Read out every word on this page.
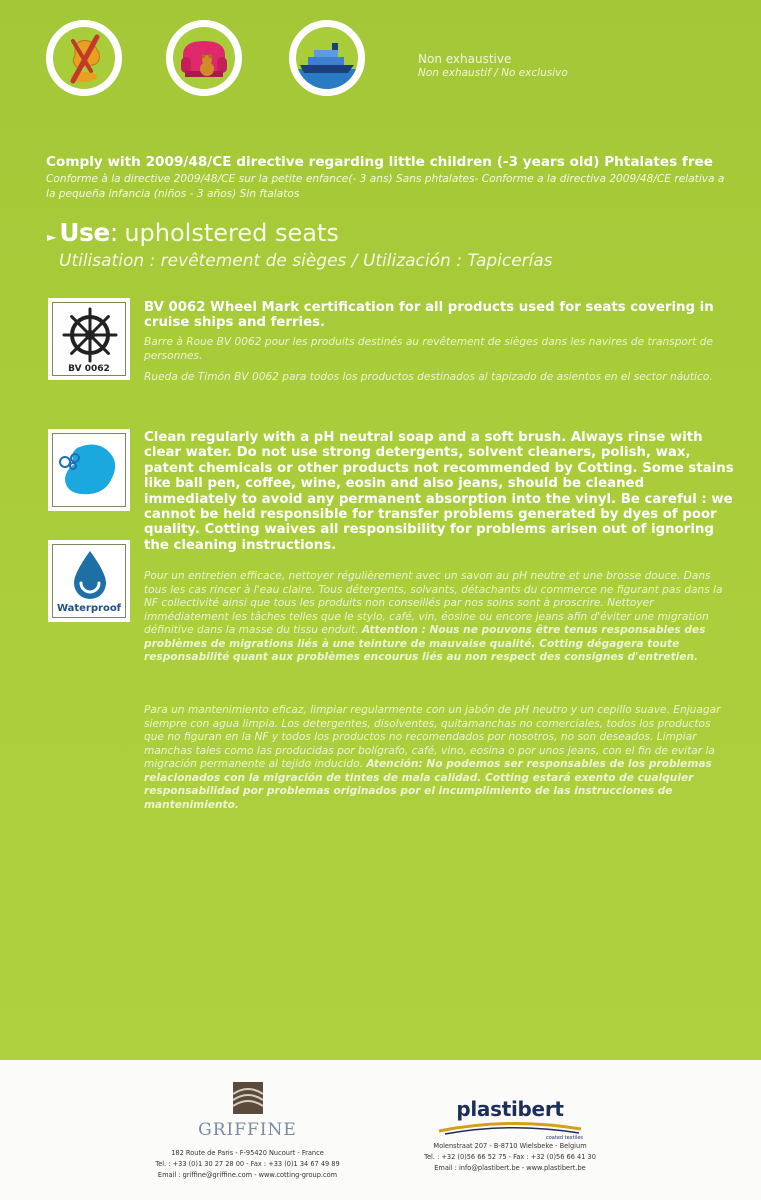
Non exhaustive
Non exhaustif / No exclusivo
Comply with 2009/48/CE directive regarding little children (-3 years old) Phtalates free
Conforme à la directive 2009/48/CE sur la petite enfance(- 3 ans) Sans phtalates- Conforme a la directiva 2009/48/CE relativa a la pequeña infancia (niños - 3 años) Sin ftalatos
► Use : upholstered seats
Utilisation : revêtement de sièges / Utilización : Tapicerías
BV 0062
BV 0062 Wheel Mark certification for all products used for seats covering in cruise ships and ferries.
Barre à Roue BV 0062 pour les produits destinés au revêtement de sièges dans les navires de transport de personnes.
Rueda de Timón BV 0062 para todos los productos destinados al tapizado de asientos en el sector náutico.
Waterproof
Clean regularly with a pH neutral soap and a soft brush. Always rinse with clear water. Do not use strong detergents, solvent cleaners, polish, wax, patent chemicals or other products not recommended by Cotting. Some stains like ball pen, coffee, wine, eosin and also jeans, should be cleaned immediately to avoid any permanent absorption into the vinyl. Be careful : we cannot be held responsible for transfer problems generated by dyes of poor quality. Cotting waives all responsibility for problems arisen out of ignoring the cleaning instructions.
Pour un entretien efficace, nettoyer régulièrement avec un savon au pH neutre et une brosse douce. Dans tous les cas rincer à l'eau claire. Tous détergents, solvants, détachants du commerce ne figurant pas dans la NF collectivité ainsi que tous les produits non conseillés par nos soins sont à proscrire. Nettoyer immédiatement les tâches telles que le stylo, café, vin, éosine ou encore jeans afin d'éviter une migration définitive dans la masse du tissu enduit. Attention : Nous ne pouvons être tenus responsables des problèmes de migrations liés à une teinture de mauvaise qualité. Cotting dégagera toute responsabilité quant aux problèmes encourus liés au non respect des consignes d'entretien.
Para un mantenimiento eficaz, limpiar regularmente con un jabón de pH neutro y un cepillo suave. Enjuagar siempre con agua limpia. Los detergentes, disolventes, quitamanchas no comerciales, todos los productos que no figuran en la NF y todos los productos no recomendados por nosotros, no son deseados. Limpiar manchas tales como las producidas por bolígrafo, café, vino, eosina o por unos jeans, con el fin de evitar la migración permanente al tejido inducido. Atención: No podemos ser responsables de los problemas relacionados con la migración de tintes de mala calidad. Cotting estará exento de cualquier responsabilidad por problemas originados por el incumplimiento de las instrucciones de mantenimiento.
GRIFFINE
182 Route de Paris - F-95420 Nucourt - France
Tel. : +33 (0)1 30 27 28 00 - Fax : +33 (0)1 34 67 49 89
Email : griffine@griffine.com - www.cotting-group.com
plastibert
coated textiles
Molenstraat 207 - B-8710 Wielsbeke - Belgium
Tel. : +32 (0)56 66 52 75 - Fax : +32 (0)56 66 41 30
Email : info@plastibert.be - www.plastibert.be
